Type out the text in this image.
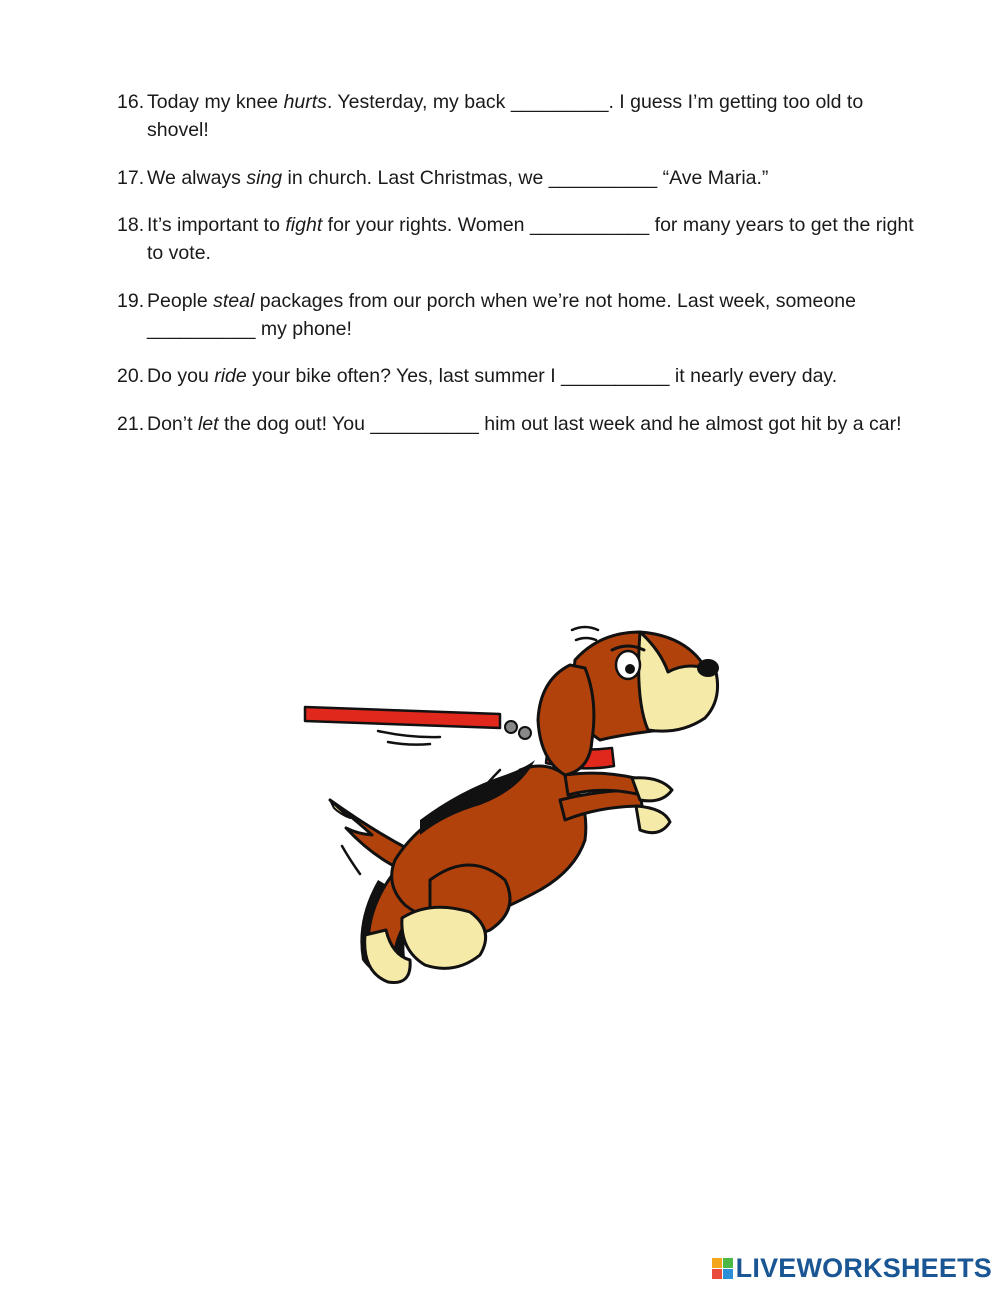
16. Today my knee hurts. Yesterday, my back _________. I guess I’m getting too old to shovel!
17. We always sing in church. Last Christmas, we __________ “Ave Maria.”
18. It’s important to fight for your rights. Women ___________ for many years to get the right to vote.
19. People steal packages from our porch when we’re not home. Last week, someone __________ my phone!
20. Do you ride your bike often? Yes, last summer I __________ it nearly every day.
21. Don’t let the dog out! You __________ him out last week and he almost got hit by a car!
LIVEWORKSHEETS
